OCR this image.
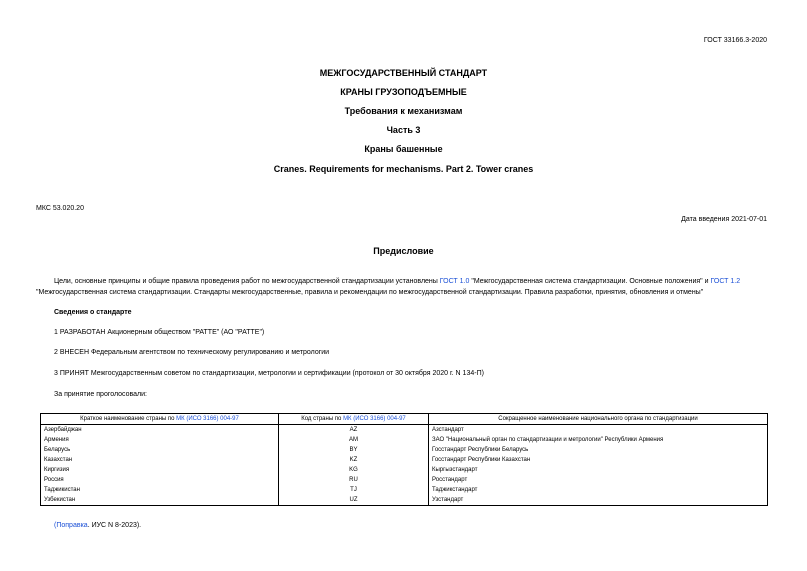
ГОСТ 33166.3-2020
МЕЖГОСУДАРСТВЕННЫЙ СТАНДАРТ
КРАНЫ ГРУЗОПОДЪЕМНЫЕ
Требования к механизмам
Часть 3
Краны башенные
Cranes. Requirements for mechanisms. Part 2. Tower cranes
МКС 53.020.20
Дата введения 2021-07-01
Предисловие
Цели, основные принципы и общие правила проведения работ по межгосударственной стандартизации установлены ГОСТ 1.0 "Межгосударственная система стандартизации. Основные положения" и ГОСТ 1.2 "Межгосударственная система стандартизации. Стандарты межгосударственные, правила и рекомендации по межгосударственной стандартизации. Правила разработки, принятия, обновления и отмены"
Сведения о стандарте
1 РАЗРАБОТАН Акционерным обществом "РАТТЕ" (АО "РАТТЕ")
2 ВНЕСЕН Федеральным агентством по техническому регулированию и метрологии
3 ПРИНЯТ Межгосударственным советом по стандартизации, метрологии и сертификации (протокол от 30 октября 2020 г. N 134-П)
За принятие проголосовали:
Краткое наименование страны по МК (ИСО 3166) 004-97	Код страны по МК (ИСО 3166) 004-97	Сокращенное наименование национального органа по стандартизации
Азербайджан	AZ	Азстандарт
Армения	AM	ЗАО "Национальный орган по стандартизации и метрологии" Республики Армения
Беларусь	BY	Госстандарт Республики Беларусь
Казахстан	KZ	Госстандарт Республики Казахстан
Киргизия	KG	Кыргызстандарт
Россия	RU	Росстандарт
Таджикистан	TJ	Таджикстандарт
Узбекистан	UZ	Узстандарт
(Поправка. ИУС N 8-2023).
